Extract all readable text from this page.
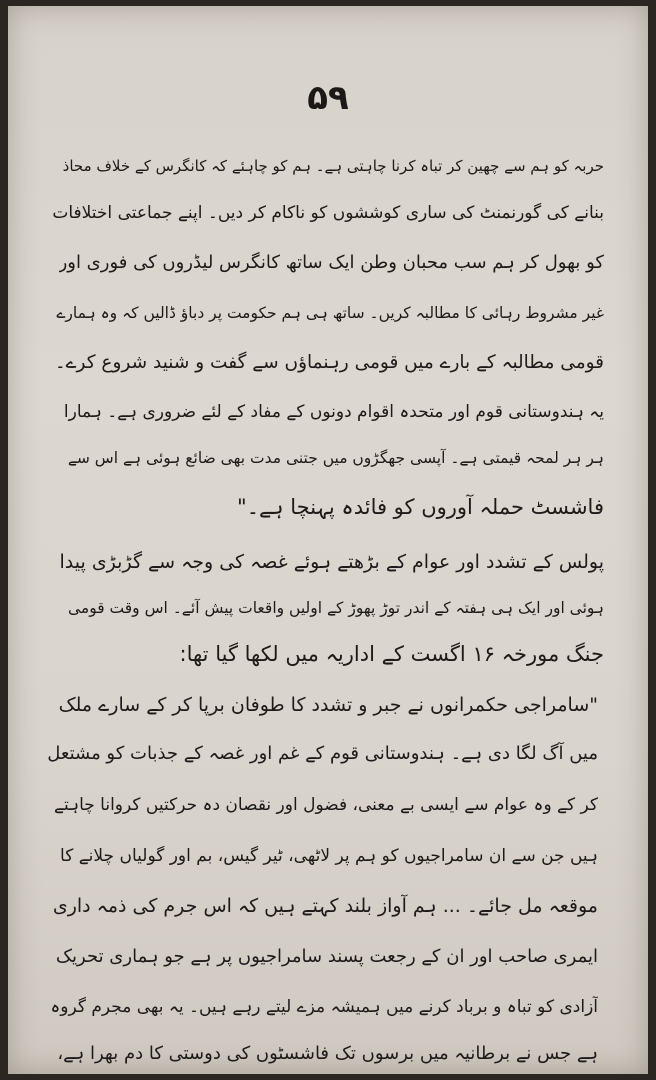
۵۹
حربہ کو ہم سے چھین کر تباہ کرنا چاہتی ہے۔ ہم کو چاہئے کہ کانگرس کے خلاف محاذ
بنانے کی گورنمنٹ کی ساری کوششوں کو ناکام کر دیں۔ اپنے جماعتی اختلافات
کو بھول کر ہم سب محبان وطن ایک ساتھ کانگرس لیڈروں کی فوری اور
غیر مشروط رہائی کا مطالبہ کریں۔ ساتھ ہی ہم حکومت پر دباؤ ڈالیں کہ وہ ہمارے
قومی مطالبہ کے بارے میں قومی رہنماؤں سے گفت و شنید شروع کرے۔
یہ ہندوستانی قوم اور متحدہ اقوام دونوں کے مفاد کے لئے ضروری ہے۔ ہمارا
ہر ہر لمحہ قیمتی ہے۔ آپسی جھگڑوں میں جتنی مدت بھی ضائع ہوئی ہے اس سے
فاشسٹ حملہ آوروں کو فائدہ پہنچا ہے۔"
پولس کے تشدد اور عوام کے بڑھتے ہوئے غصہ کی وجہ سے گڑبڑی پیدا
ہوئی اور ایک ہی ہفتہ کے اندر توڑ پھوڑ کے اولیں واقعات پیش آئے۔ اس وقت قومی
جنگ مورخہ ۱۶ اگست کے اداریہ میں لکھا گیا تھا:
"سامراجی حکمرانوں نے جبر و تشدد کا طوفان برپا کر کے سارے ملک
میں آگ لگا دی ہے۔ ہندوستانی قوم کے غم اور غصہ کے جذبات کو مشتعل
کر کے وہ عوام سے ایسی بے معنی، فضول اور نقصان دہ حرکتیں کروانا چاہتے
ہیں جن سے ان سامراجیوں کو ہم پر لاٹھی، ٹیر گیس، بم اور گولیاں چلانے کا
موقعہ مل جائے۔ ... ہم آواز بلند کہتے ہیں کہ اس جرم کی ذمہ داری
ایمری صاحب اور ان کے رجعت پسند سامراجیوں پر ہے جو ہماری تحریک
آزادی کو تباہ و برباد کرنے میں ہمیشہ مزے لیتے رہے ہیں۔ یہ بھی مجرم گروہ
ہے جس نے برطانیہ میں برسوں تک فاشسٹوں کی دوستی کا دم بھرا ہے،
